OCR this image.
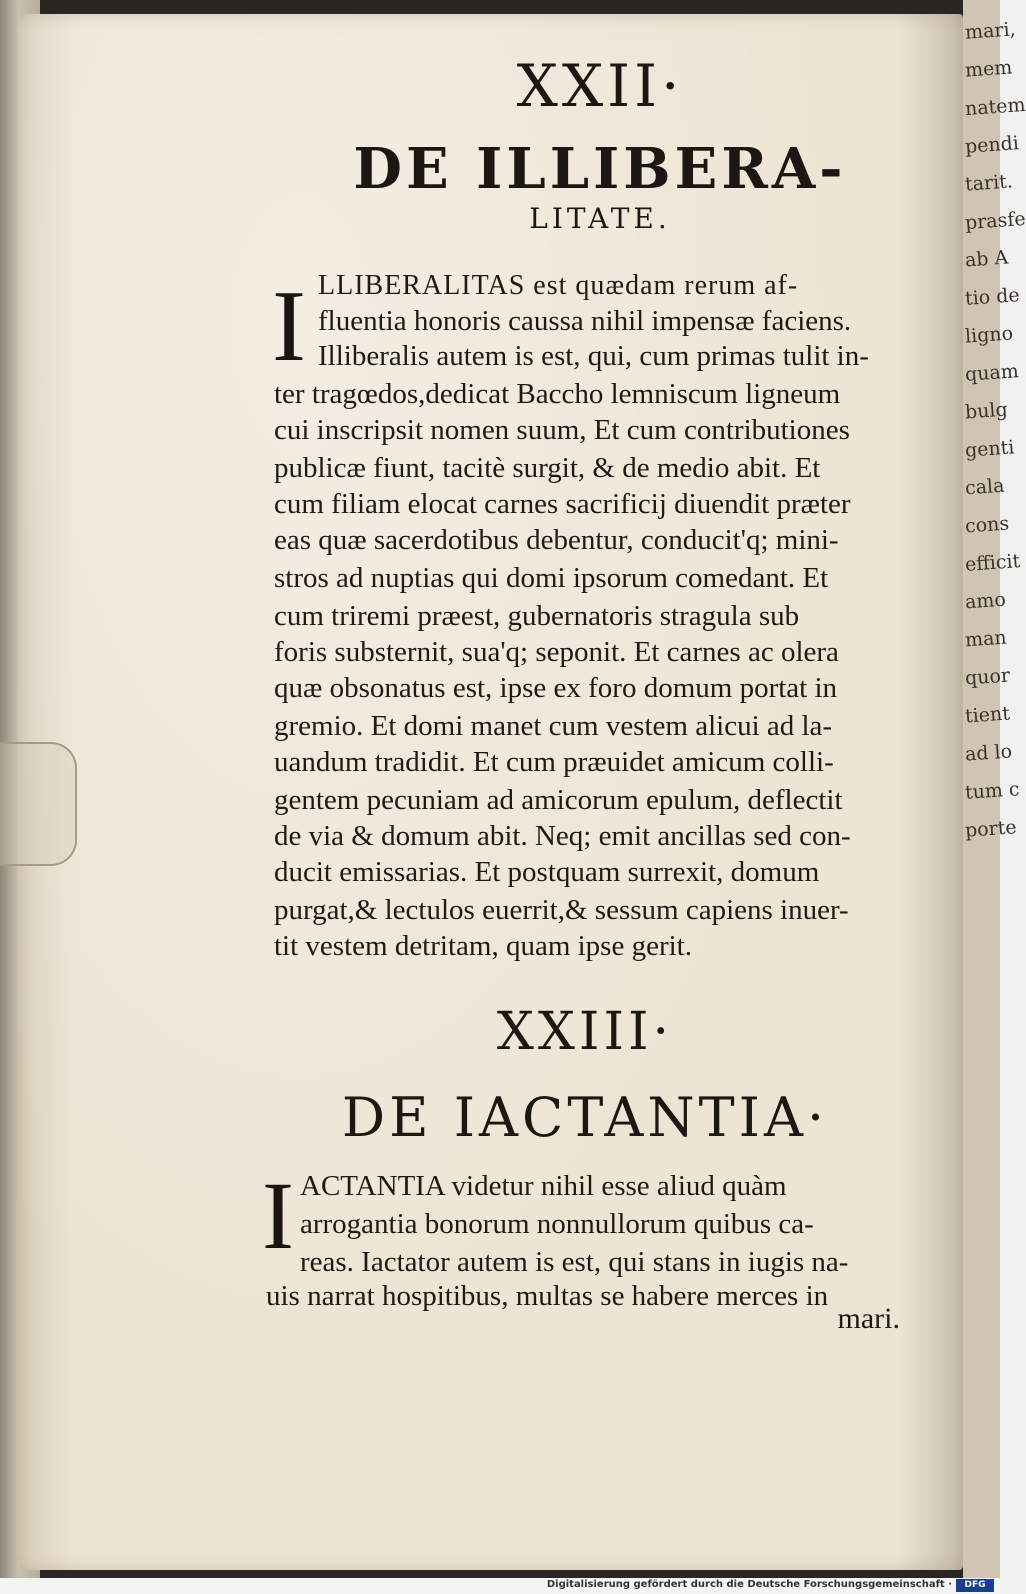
mari,
mem
natem
pendi
tarit.
prasfe
ab A
tio de
ligno
quam
bulg
genti
cala
cons
efficit
amo
man
quor
tient
ad lo
tum c
porte
XXII·
DE ILLIBERA-
LITATE.
I LLIBERALITAS est quædam rerum af-
fluentia honoris caussa nihil impensæ faciens.
Illiberalis autem is est, qui, cum primas tulit in-
ter tragœdos,dedicat Baccho lemniscum ligneum
cui inscripsit nomen suum, Et cum contributiones
publicæ fiunt, tacitè surgit, & de medio abit. Et
cum filiam elocat carnes sacrificij diuendit præter
eas quæ sacerdotibus debentur, conducit'q; mini-
stros ad nuptias qui domi ipsorum comedant. Et
cum triremi præest, gubernatoris stragula sub
foris substernit, sua'q; seponit. Et carnes ac olera
quæ obsonatus est, ipse ex foro domum portat in
gremio. Et domi manet cum vestem alicui ad la-
uandum tradidit. Et cum præuidet amicum colli-
gentem pecuniam ad amicorum epulum, deflectit
de via & domum abit. Neq; emit ancillas sed con-
ducit emissarias. Et postquam surrexit, domum
purgat,& lectulos euerrit,& sessum capiens inuer-
tit vestem detritam, quam ipse gerit.
XXIII·
DE IACTANTIA·
I ACTANTIA videtur nihil esse aliud quàm
arrogantia bonorum nonnullorum quibus ca-
reas. Iactator autem is est, qui stans in iugis na-
uis narrat hospitibus, multas se habere merces in
mari.
Digitalisierung gefördert durch die Deutsche Forschungsgemeinschaft ·	DFG
